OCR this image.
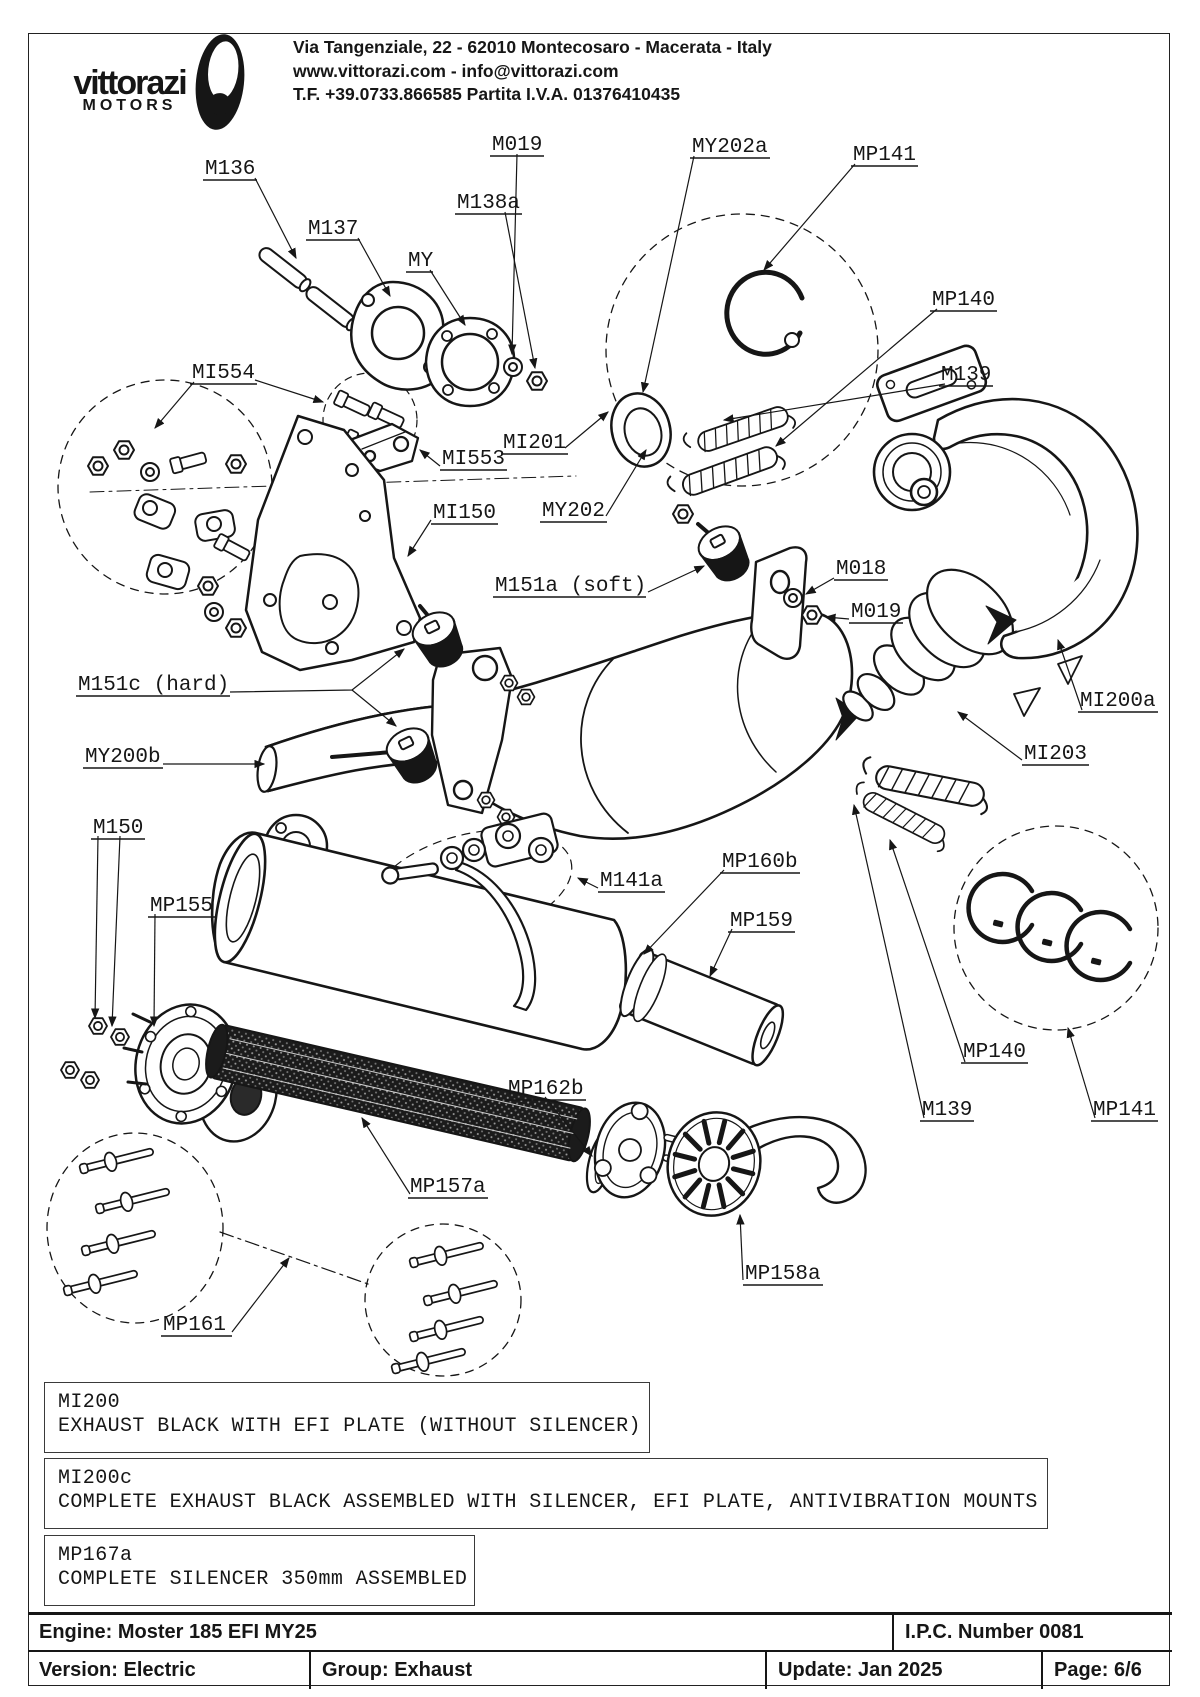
vittorazi
MOTORS
Via Tangenziale, 22 - 62010 Montecosaro - Macerata - Italy
www.vittorazi.com - info@vittorazi.com
T.F. +39.0733.866585 Partita I.V.A. 01376410435
M136
M137
MY
M138a
M019	MY202a	MP141
MP140
M139
MI554
MI201
MI553
MI150 MY202
M151a (soft)
M018
M019
MI200a
MI203
M151c (hard)
MY200b
M150
MP155
M141a
MP160b
MP159
MP162b
MP157a
MP161
MP158a
MP140
M139	MP141
MI200
EXHAUST BLACK WITH EFI PLATE (WITHOUT SILENCER)
MI200c
COMPLETE EXHAUST BLACK ASSEMBLED WITH SILENCER, EFI PLATE, ANTIVIBRATION MOUNTS
MP167a
COMPLETE SILENCER 350mm ASSEMBLED
Engine: Moster 185 EFI MY25	I.P.C. Number 0081
Version: Electric	Group: Exhaust	Update: Jan 2025	Page: 6/6
